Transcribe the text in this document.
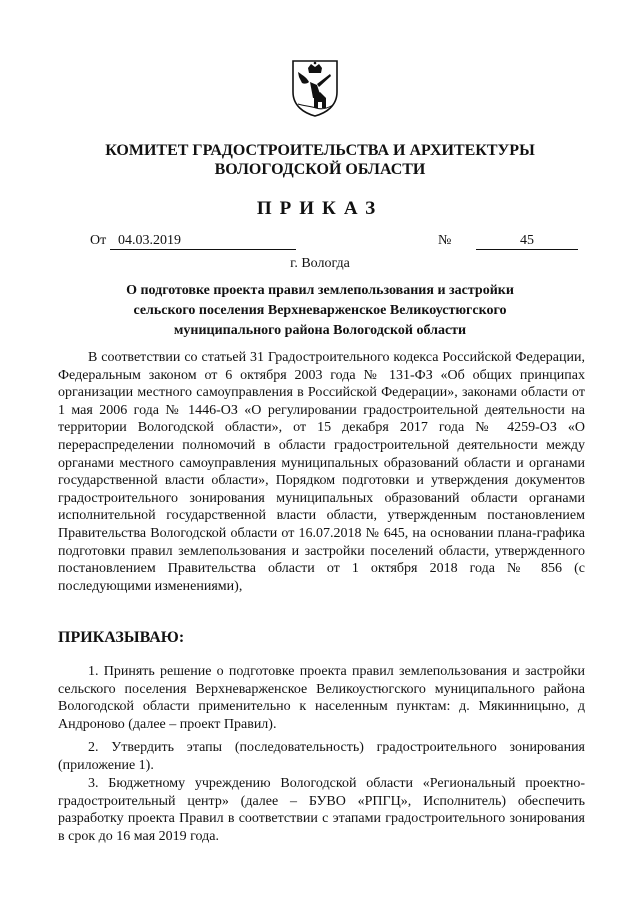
КОМИТЕТ ГРАДОСТРОИТЕЛЬСТВА И АРХИТЕКТУРЫ
ВОЛОГОДСКОЙ ОБЛАСТИ
ПРИКАЗ
От 04.03.2019	№	45
г. Вологда
О подготовке проекта правил землепользования и застройки
сельского поселения Верхневарженское Великоустюгского
муниципального района Вологодской области

В соответствии со статьей 31 Градостроительного кодекса Российской Федерации, Федеральным законом от 6 октября 2003 года № 131-ФЗ «Об общих принципах организации местного самоуправления в Российской Федерации», законами области от 1 мая 2006 года № 1446-ОЗ «О регулировании градостроительной деятельности на территории Вологодской области», от 15 декабря 2017 года № 4259-ОЗ «О перераспределении полномочий в области градостроительной деятельности между органами местного самоуправления муниципальных образований области и органами государственной власти области», Порядком подготовки и утверждения документов градостроительного зонирования муниципальных образований области органами исполнительной государственной власти области, утвержденным постановлением Правительства Вологодской области от 16.07.2018 № 645, на основании плана-графика подготовки правил землепользования и застройки поселений области, утвержденного постановлением Правительства области от 1 октября 2018 года № 856 (с последующими изменениями),

ПРИКАЗЫВАЮ:

1. Принять решение о подготовке проекта правил землепользования и застройки сельского поселения Верхневарженское Великоустюгского муниципального района Вологодской области применительно к населенным пунктам: д. Мякинницыно, д Андроново (далее – проект Правил).

2. Утвердить этапы (последовательность) градостроительного зонирования (приложение 1).

3. Бюджетному учреждению Вологодской области «Региональный проектно-градостроительный центр» (далее – БУВО «РПГЦ», Исполнитель) обеспечить разработку проекта Правил в соответствии с этапами градостроительного зонирования в срок до 16 мая 2019 года.
